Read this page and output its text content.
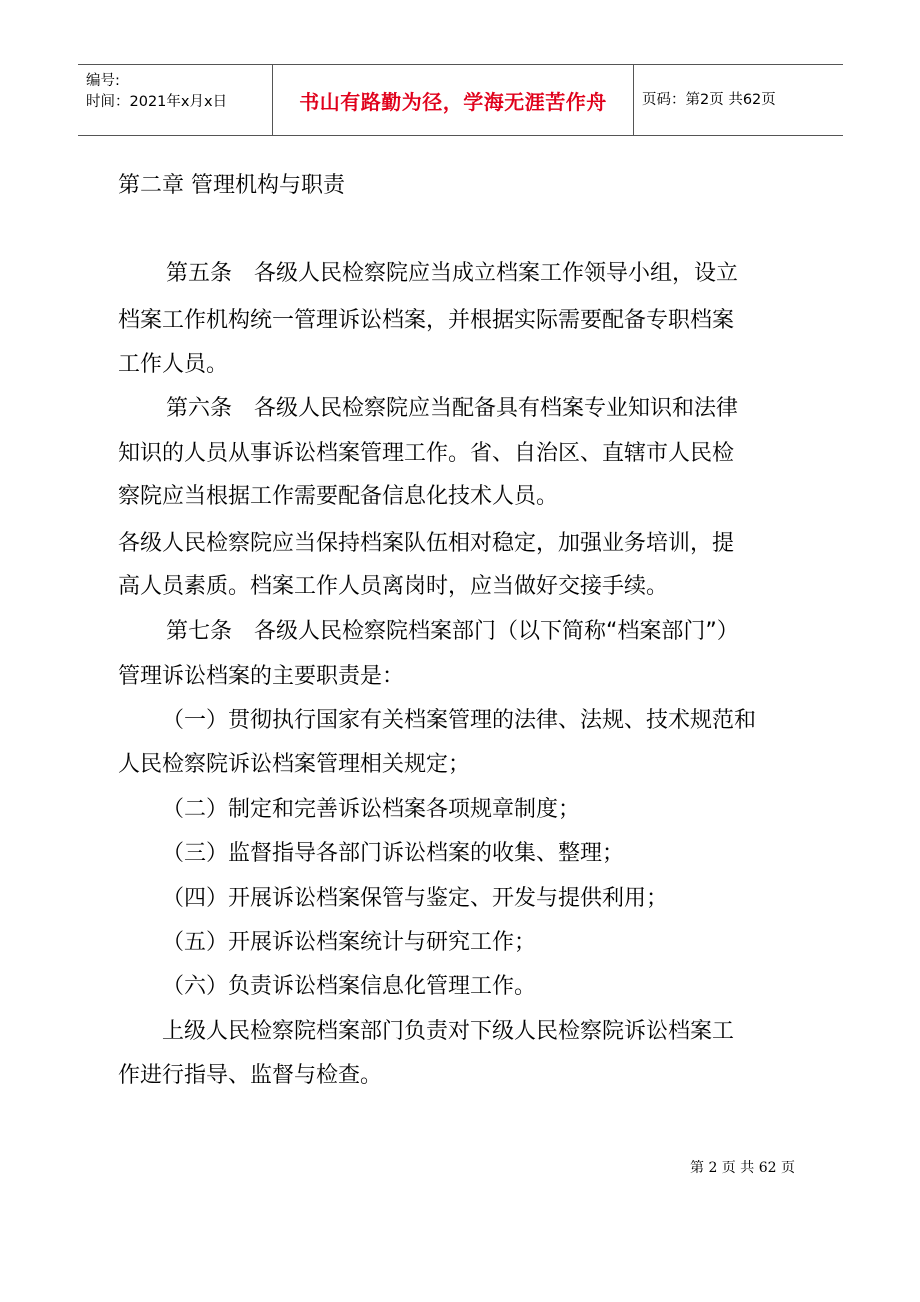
编号:
时间：2021年x月x日	书山有路勤为径，学海无涯苦作舟 页码：第2页 共62页

第二章 管理机构与职责

第五条　各级人民检察院应当成立档案工作领导小组，设立

档案工作机构统一管理诉讼档案，并根据实际需要配备专职档案

工作人员。

第六条　各级人民检察院应当配备具有档案专业知识和法律

知识的人员从事诉讼档案管理工作。省、自治区、直辖市人民检

察院应当根据工作需要配备信息化技术人员。

各级人民检察院应当保持档案队伍相对稳定，加强业务培训，提

高人员素质。档案工作人员离岗时，应当做好交接手续。

第七条　各级人民检察院档案部门（以下简称“档案部门”）

管理诉讼档案的主要职责是：

（一）贯彻执行国家有关档案管理的法律、法规、技术规范和

人民检察院诉讼档案管理相关规定；

（二）制定和完善诉讼档案各项规章制度；

（三）监督指导各部门诉讼档案的收集、整理；

（四）开展诉讼档案保管与鉴定、开发与提供利用；

（五）开展诉讼档案统计与研究工作；

（六）负责诉讼档案信息化管理工作。

上级人民检察院档案部门负责对下级人民检察院诉讼档案工

作进行指导、监督与检查。

第 2 页 共 62 页
